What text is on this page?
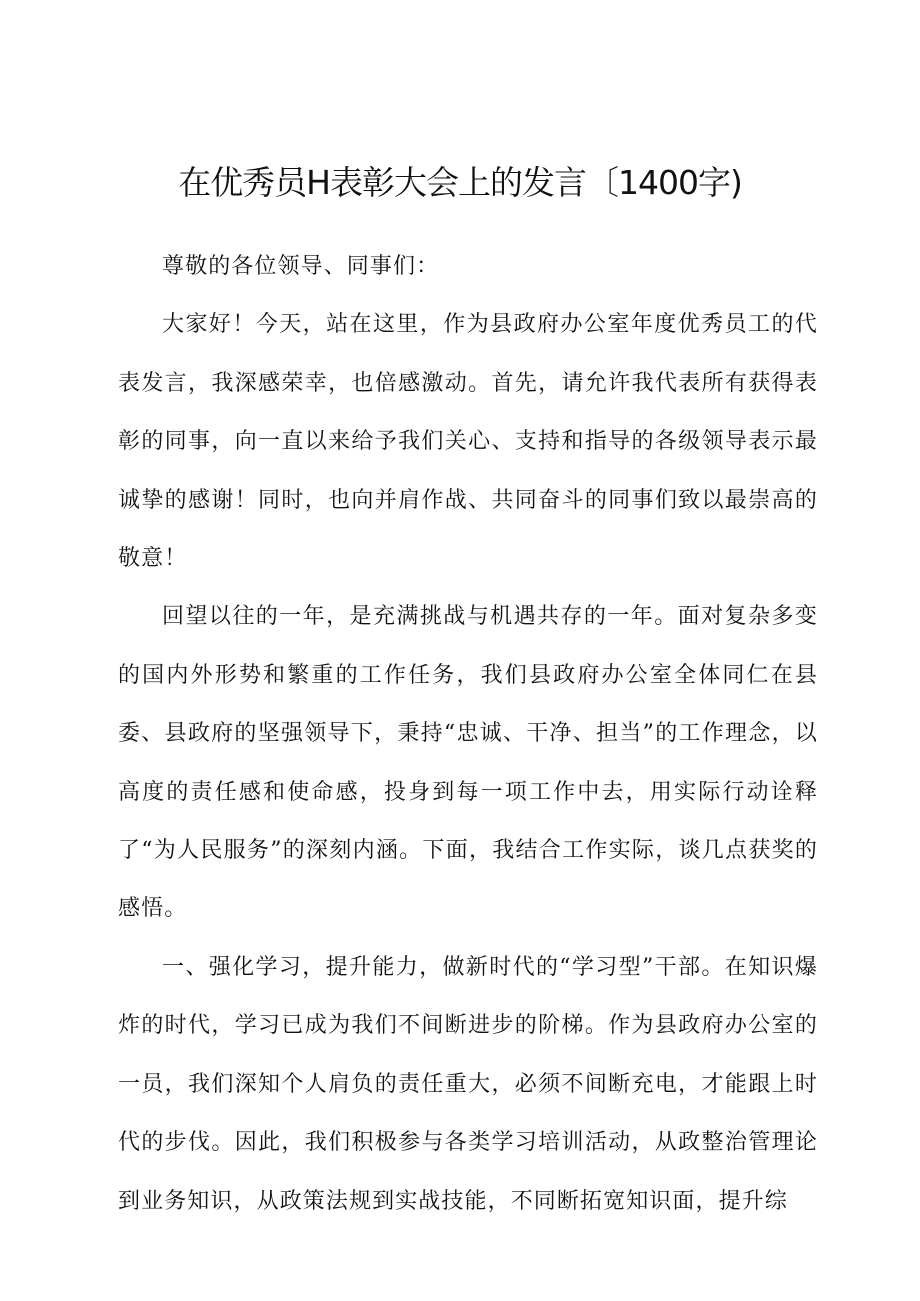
在优秀员H表彰大会上的发言〔1400字)

尊敬的各位领导、同事们：

大家好！今天，站在这里，作为县政府办公室年度优秀员工的代表发言，我深感荣幸，也倍感激动。首先，请允许我代表所有获得表彰的同事，向一直以来给予我们关心、支持和指导的各级领导表示最诚挚的感谢！同时，也向并肩作战、共同奋斗的同事们致以最崇高的敬意！

回望以往的一年，是充满挑战与机遇共存的一年。面对复杂多变的国内外形势和繁重的工作任务，我们县政府办公室全体同仁在县委、县政府的坚强领导下，秉持“忠诚、干净、担当”的工作理念，以高度的责任感和使命感，投身到每一项工作中去，用实际行动诠释了“为人民服务”的深刻内涵。下面，我结合工作实际，谈几点获奖的感悟。

一、强化学习，提升能力，做新时代的“学习型”干部。在知识爆炸的时代，学习已成为我们不间断进步的阶梯。作为县政府办公室的一员，我们深知个人肩负的责任重大，必须不间断充电，才能跟上时代的步伐。因此，我们积极参与各类学习培训活动，从政整治管理论到业务知识，从政策法规到实战技能，不同断拓宽知识面，提升综
